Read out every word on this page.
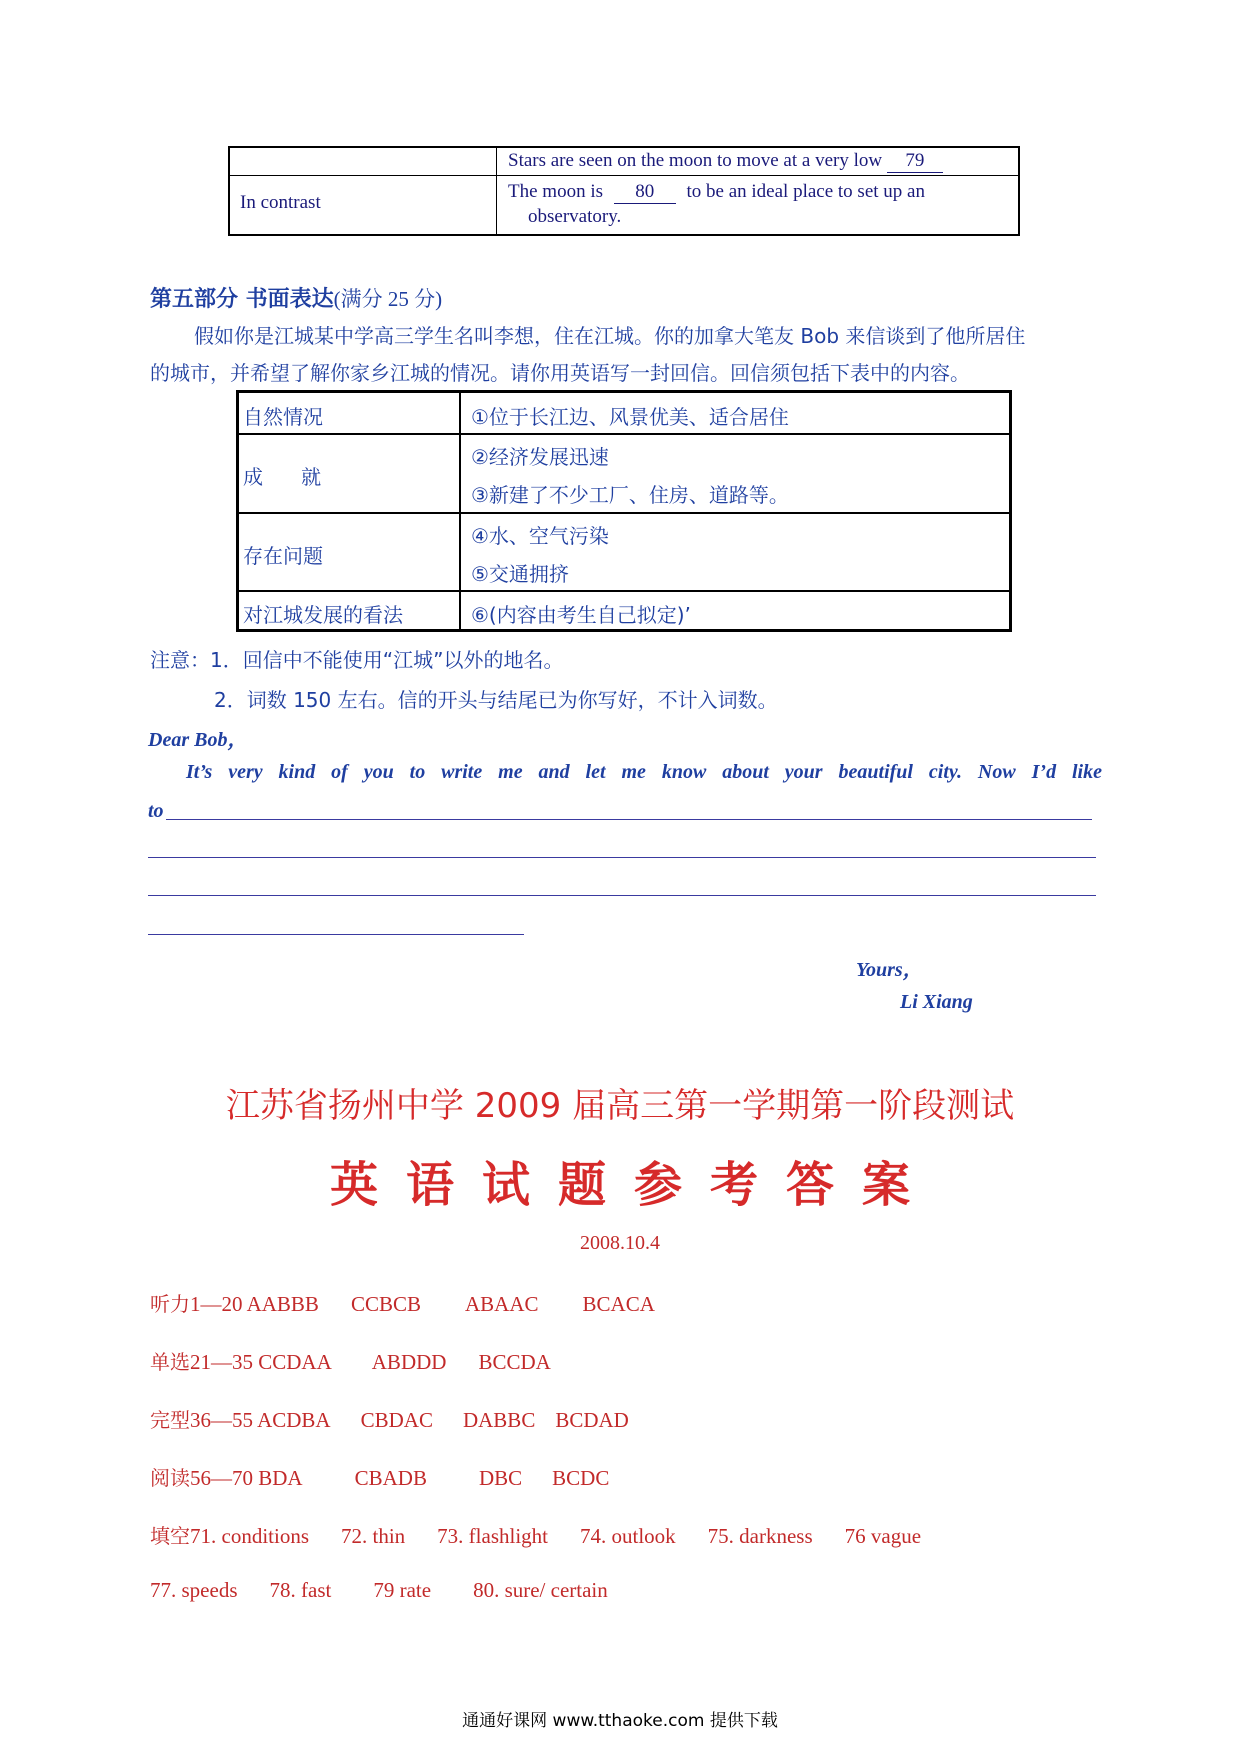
Stars are seen on the moon to move at a very low 79
In contrast
The moon is 80 to be an ideal place to set up an
observatory.
第五部分 书面表达(满分 25 分)
假如你是江城某中学高三学生名叫李想，住在江城。你的加拿大笔友 Bob 来信谈到了他所居住
的城市，并希望了解你家乡江城的情况。请你用英语写一封回信。回信须包括下表中的内容。
自然情况	①位于长江边、风景优美、适合居住
成      就
②经济发展迅速
③新建了不少工厂、住房、道路等。
存在问题
④水、空气污染
⑤交通拥挤
对江城发展的看法	⑥(内容由考生自己拟定)’
注意：1．回信中不能使用“江城”以外的地名。
2．词数 150 左右。信的开头与结尾已为你写好，不计入词数。
Dear Bob，
It’s very kind of you to write me and let me know about your beautiful city. Now I’d like
to
Yours，
Li Xiang
江苏省扬州中学 2009 届高三第一学期第一阶段测试
英语试题参考答案
2008.10.4
听力1—20 AABBB CCBCB ABAAC BCACA
单选21—35 CCDAA ABDDD BCCDA
完型36—55 ACDBA CBDAC DABBC BCDAD
阅读56—70 BDA CBADB DBC BCDC
填空71. conditions 72. thin 73. flashlight 74. outlook 75. darkness 76 vague
77. speeds 78. fast 79 rate 80. sure/ certain
通通好课网 www.tthaoke.com 提供下载
